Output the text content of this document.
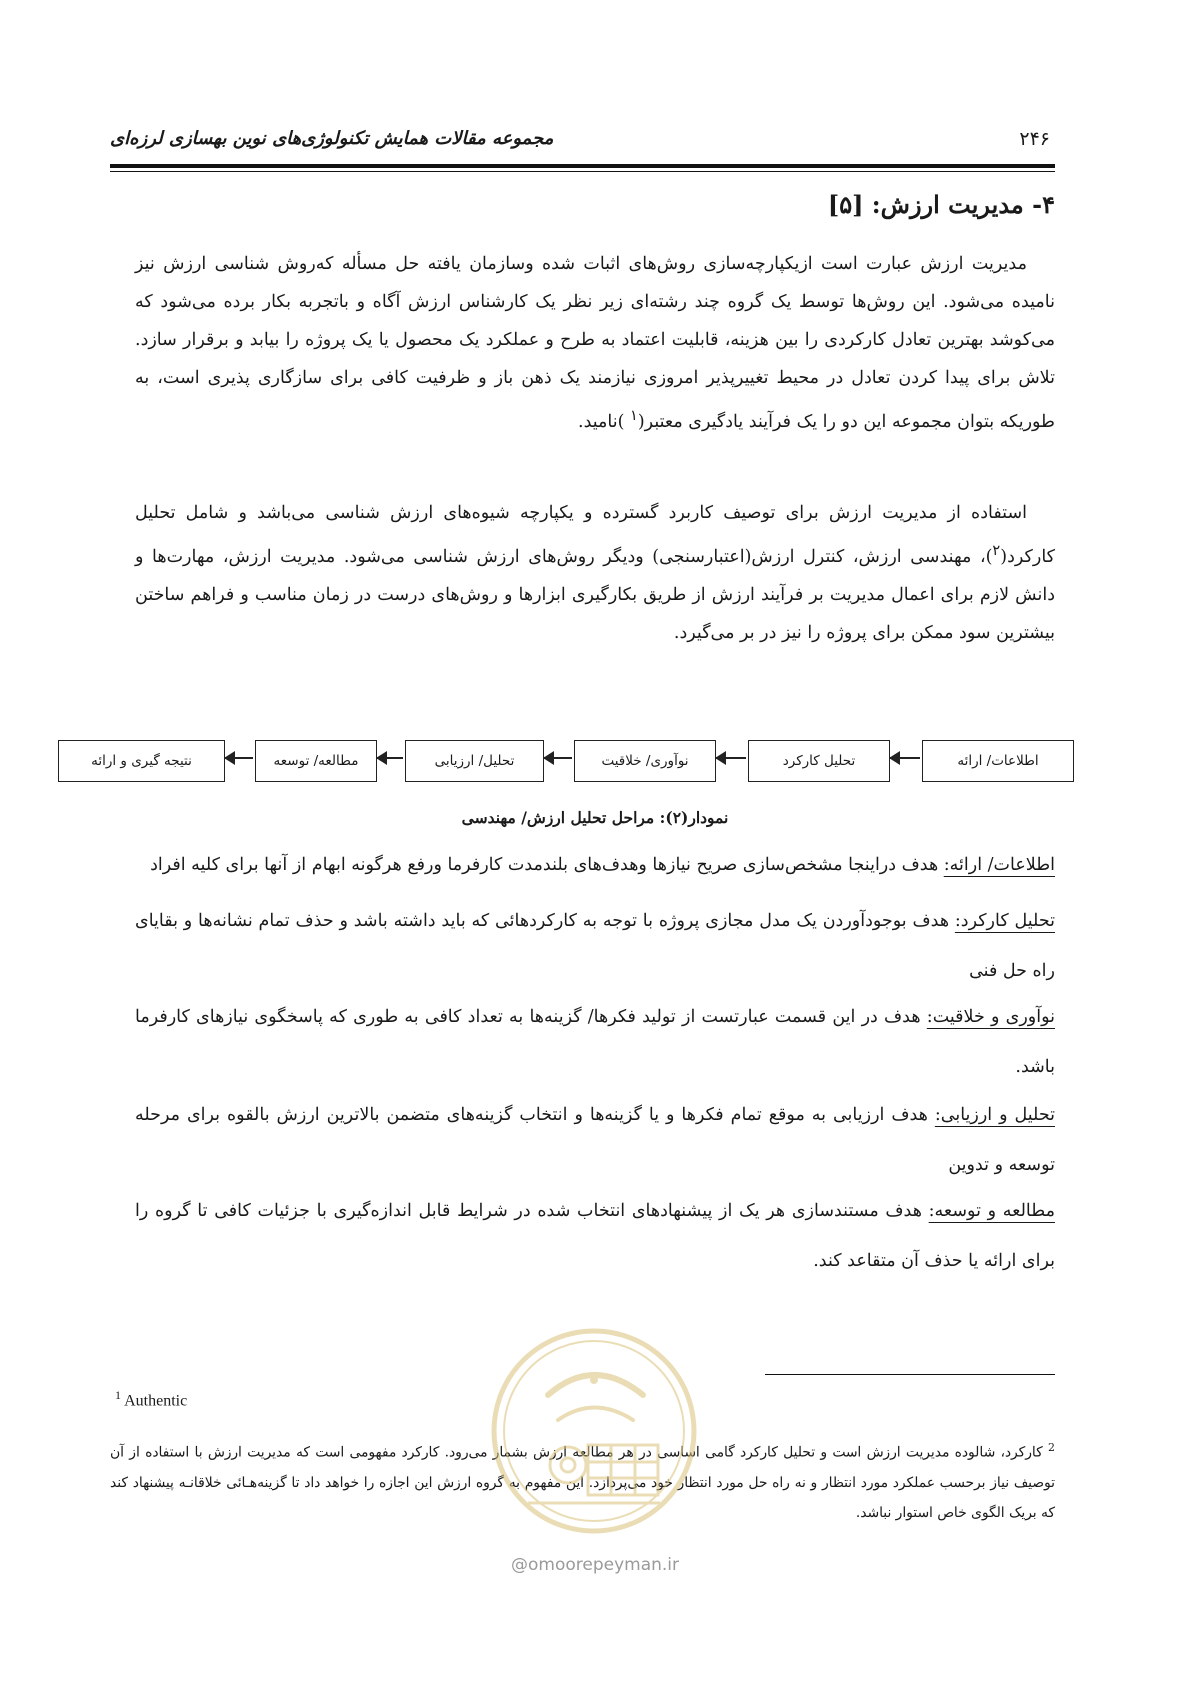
۲۴۶
مجموعه مقالات همایش تکنولوژی‌های نوین بهسازی لرزه‌ای
۴- مدیریت ارزش: [۵]

مدیریت ارزش عبارت است ازیکپارچه‌سازی روش‌های اثبات شده وسازمان یافته حل مسأله که‌روش شناسی ارزش نیز نامیده می‌شود. این روش‌ها توسط یک گروه چند رشته‌ای زیر نظر یک کارشناس ارزش آگاه و باتجربه بکار برده می‌شود که می‌کوشد بهترین تعادل کارکردی را بین هزینه، قابلیت اعتماد به طرح و عملکرد یک محصول یا یک پروژه را بیابد و برقرار سازد. تلاش برای پیدا کردن تعادل در محیط تغییرپذیر امروزی نیازمند یک ذهن باز و ظرفیت کافی برای سازگاری پذیری است، به طوریکه بتوان مجموعه این دو را یک فرآیند یادگیری معتبر($^۱$ )نامید.

استفاده از مدیریت ارزش برای توصیف کاربرد گسترده و یکپارچه شیوه‌های ارزش شناسی می‌باشد و شامل تحلیل کارکرد($^۲$)، مهندسی ارزش، کنترل ارزش(اعتبارسنجی) ودیگر روش‌های ارزش شناسی می‌شود. مدیریت ارزش، مهارت‌ها و دانش لازم برای اعمال مدیریت بر فرآیند ارزش از طریق بکارگیری ابزارها و روش‌های درست در زمان مناسب و فراهم ساختن بیشترین سود ممکن برای پروژه را نیز در بر می‌گیرد.

نتیجه گیری و ارائه	مطالعه/ توسعه	تحلیل/ ارزیابی	نوآوری/ خلاقیت	تحلیل کارکرد	اطلاعات/ ارائه
نمودار(۲): مراحل تحلیل ارزش/ مهندسی
اطلاعات/ ارائه: هدف دراینجا مشخص‌سازی صریح نیازها وهدف‌های بلندمدت کارفرما ورفع هرگونه ابهام از آنها برای کلیه افراد
تحلیل کارکرد: هدف بوجودآوردن یک مدل مجازی پروژه با توجه به کارکردهائی که باید داشته باشد و حذف تمام نشانه‌ها و بقایای راه حل فنی
نوآوری و خلاقیت: هدف در این قسمت عبارتست از تولید فکرها/ گزینه‌ها به تعداد کافی به طوری که پاسخگوی نیازهای کارفرما باشد.
تحلیل و ارزیابی: هدف ارزیابی به موقع تمام فکرها و یا گزینه‌ها و انتخاب گزینه‌های متضمن بالاترین ارزش بالقوه برای مرحله توسعه و تدوین
مطالعه و توسعه: هدف مستندسازی هر یک از پیشنهادهای انتخاب شده در شرایط قابل اندازه‌گیری با جزئیات کافی تا گروه را برای ارائه یا حذف آن متقاعد کند.
$^1$ Authentic
$^2$ کارکرد، شالوده مدیریت ارزش است و تحلیل کارکرد گامی اساسی در هر مطالعه ارزش بشمار می‌رود. کارکرد مفهومی است که مدیریت ارزش با استفاده از آن توصیف نیاز برحسب عملکرد مورد انتظار و نه راه حل مورد انتظار خود می‌پردازد. این مفهوم به گروه ارزش این اجازه را خواهد داد تا گزینه‌هـائی خلاقانـه پیشنهاد کند که بریک الگوی خاص استوار نباشد.
@omoorepeyman.ir
